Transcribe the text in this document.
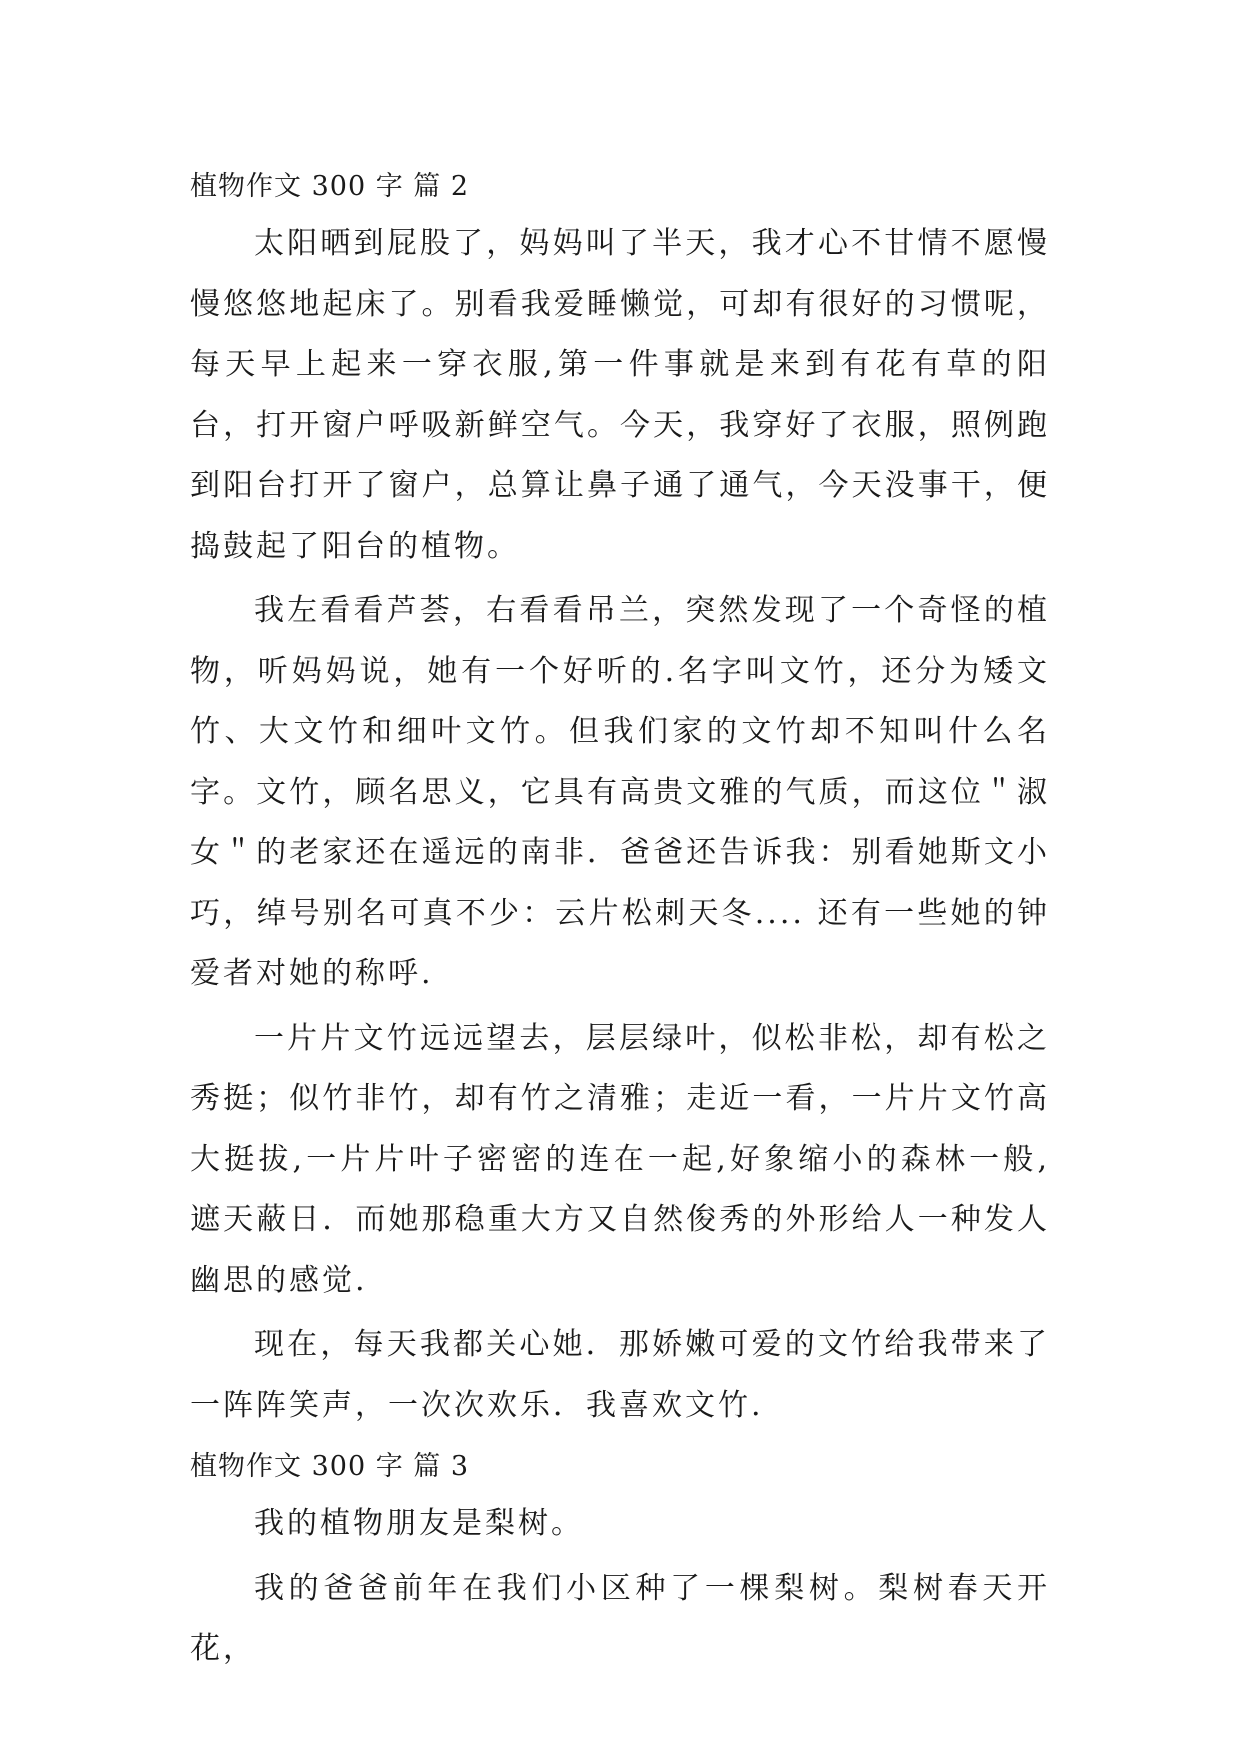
植物作文 300 字 篇 2

太阳晒到屁股了，妈妈叫了半天，我才心不甘情不愿慢慢悠悠地起床了。别看我爱睡懒觉，可却有很好的习惯呢，每天早上起来一穿衣服,第一件事就是来到有花有草的阳台，打开窗户呼吸新鲜空气。今天，我穿好了衣服，照例跑到阳台打开了窗户，总算让鼻子通了通气，今天没事干，便捣鼓起了阳台的植物。

我左看看芦荟，右看看吊兰，突然发现了一个奇怪的植物，听妈妈说，她有一个好听的.名字叫文竹，还分为矮文竹、大文竹和细叶文竹。但我们家的文竹却不知叫什么名字。文竹，顾名思义，它具有高贵文雅的气质，而这位＂淑女＂的老家还在遥远的南非．爸爸还告诉我：别看她斯文小巧，绰号别名可真不少：云片松刺天冬.... 还有一些她的钟爱者对她的称呼.

一片片文竹远远望去，层层绿叶，似松非松，却有松之秀挺；似竹非竹，却有竹之清雅；走近一看，一片片文竹高大挺拔,一片片叶子密密的连在一起,好象缩小的森林一般,遮天蔽日．而她那稳重大方又自然俊秀的外形给人一种发人幽思的感觉.

现在，每天我都关心她．那娇嫩可爱的文竹给我带来了一阵阵笑声，一次次欢乐．我喜欢文竹.

植物作文 300 字 篇 3

我的植物朋友是梨树。

我的爸爸前年在我们小区种了一棵梨树。梨树春天开花，
